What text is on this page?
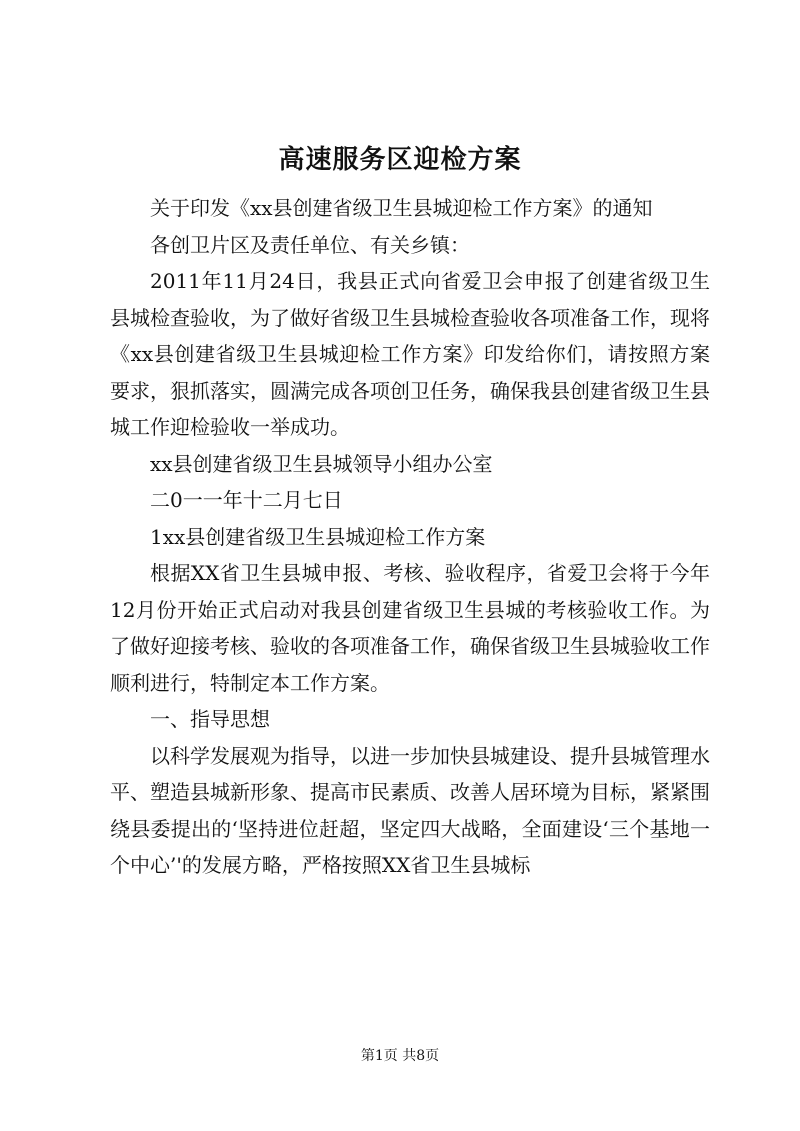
高速服务区迎检方案

关于印发《xx县创建省级卫生县城迎检工作方案》的通知

各创卫片区及责任单位、有关乡镇：

2011年11月24日，我县正式向省爱卫会申报了创建省级卫生县城检查验收，为了做好省级卫生县城检查验收各项准备工作，现将《xx县创建省级卫生县城迎检工作方案》印发给你们，请按照方案要求，狠抓落实，圆满完成各项创卫任务，确保我县创建省级卫生县城工作迎检验收一举成功。

xx县创建省级卫生县城领导小组办公室

二0一一年十二月七日

1xx县创建省级卫生县城迎检工作方案

根据XX省卫生县城申报、考核、验收程序，省爱卫会将于今年12月份开始正式启动对我县创建省级卫生县城的考核验收工作。为了做好迎接考核、验收的各项准备工作，确保省级卫生县城验收工作顺利进行，特制定本工作方案。

一、指导思想

以科学发展观为指导，以进一步加快县城建设、提升县城管理水平、塑造县城新形象、提高市民素质、改善人居环境为目标，紧紧围绕县委提出的‘坚持进位赶超，坚定四大战略，全面建设‘三个基地一个中心’'的发展方略，严格按照XX省卫生县城标

第1页 共8页
